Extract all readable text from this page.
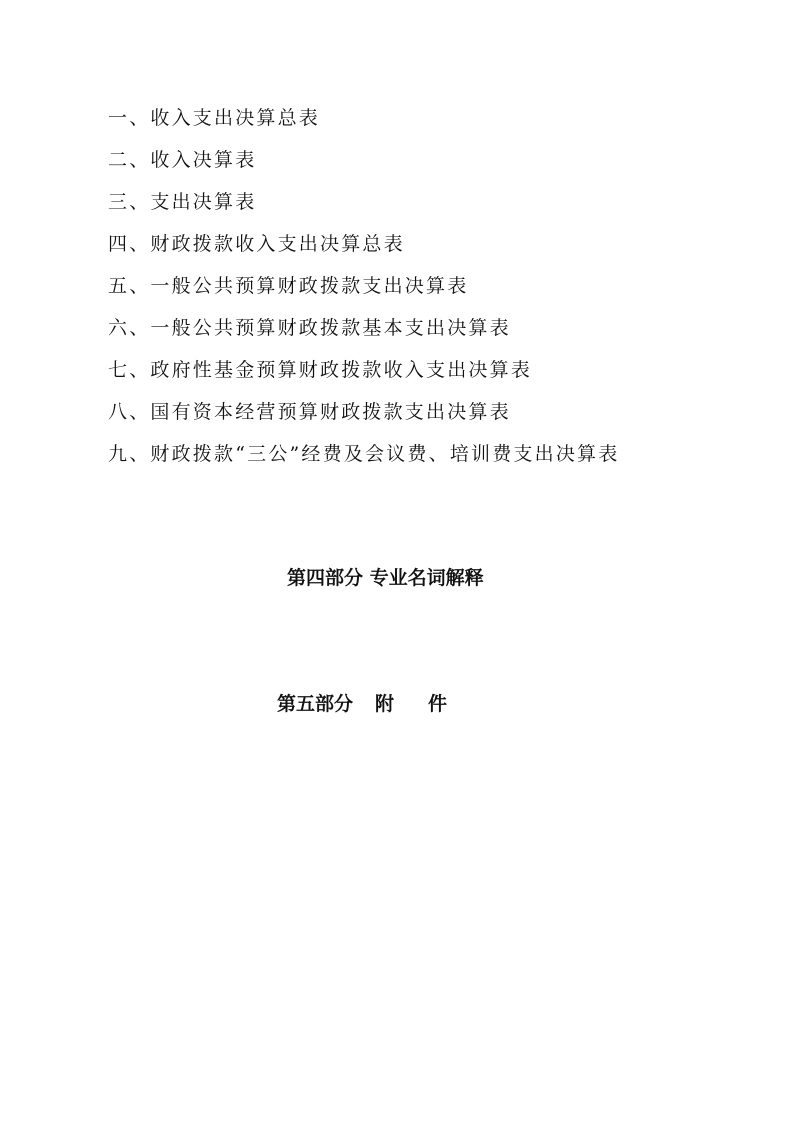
一、收入支出决算总表
二、收入决算表
三、支出决算表
四、财政拨款收入支出决算总表
五、一般公共预算财政拨款支出决算表
六、一般公共预算财政拨款基本支出决算表
七、政府性基金预算财政拨款收入支出决算表
八、国有资本经营预算财政拨款支出决算表
九、财政拨款“三公”经费及会议费、培训费支出决算表
第四部分 专业名词解释
第五部分 附 件
